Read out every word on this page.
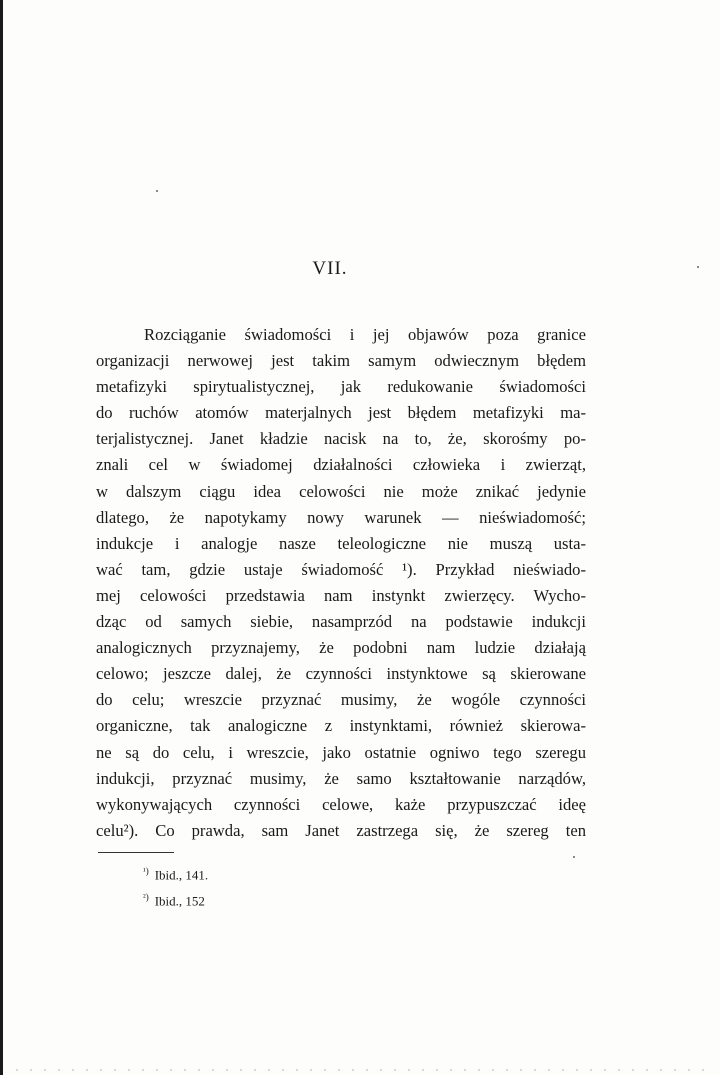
VII.
Rozciąganie świadomości i jej objawów poza granice
organizacji nerwowej jest takim samym odwiecznym błędem
metafizyki spirytualistycznej, jak redukowanie świadomości
do ruchów atomów materjalnych jest błędem metafizyki ma-
terjalistycznej. Janet kładzie nacisk na to, że, skorośmy po-
znali cel w świadomej działalności człowieka i zwierząt,
w dalszym ciągu idea celowości nie może znikać jedynie
dlatego, że napotykamy nowy warunek — nieświadomość;
indukcje i analogje nasze teleologiczne nie muszą usta-
wać tam, gdzie ustaje świadomość ¹). Przykład nieświado-
mej celowości przedstawia nam instynkt zwierzęcy. Wycho-
dząc od samych siebie, nasamprzód na podstawie indukcji
analogicznych przyznajemy, że podobni nam ludzie działają
celowo; jeszcze dalej, że czynności instynktowe są skierowane
do celu; wreszcie przyznać musimy, że wogóle czynności
organiczne, tak analogiczne z instynktami, również skierowa-
ne są do celu, i wreszcie, jako ostatnie ogniwo tego szeregu
indukcji, przyznać musimy, że samo kształtowanie narządów,
wykonywających czynności celowe, każe przypuszczać ideę
celu²). Co prawda, sam Janet zastrzega się, że szereg ten
$^{^1)}$ Ibid., 141.
$^{^2)}$ Ibid., 152
